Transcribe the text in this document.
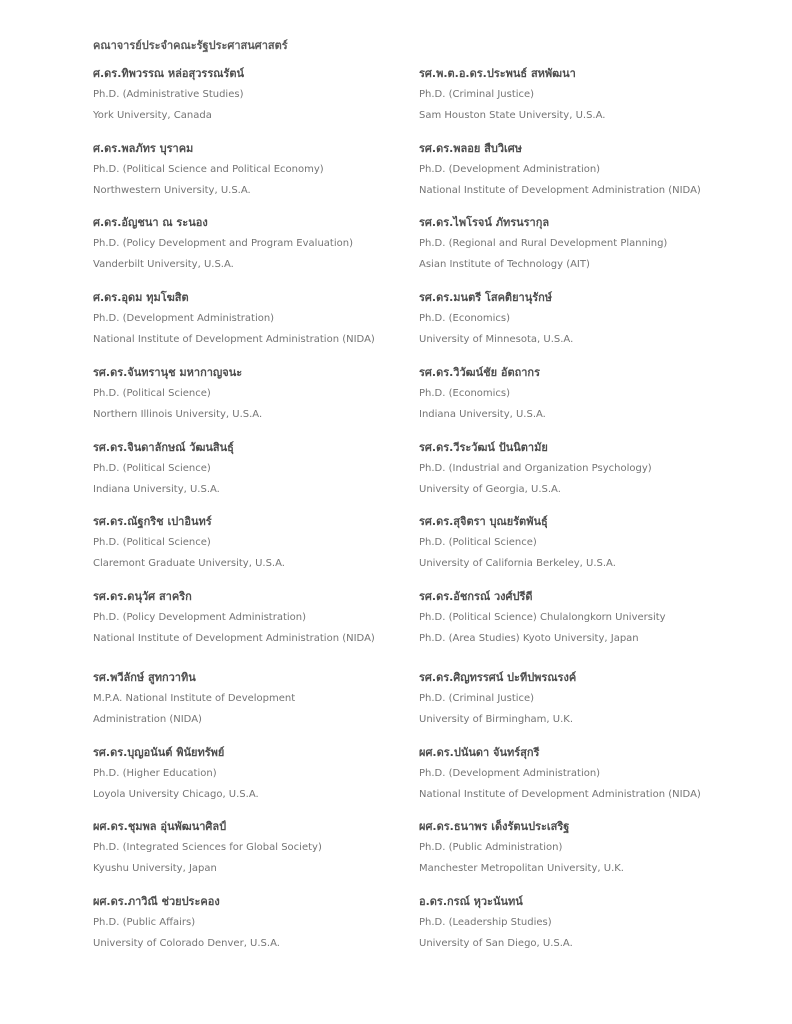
คณาจารย์ประจำคณะรัฐประศาสนศาสตร์
ศ.ดร.ทิพวรรณ หล่อสุวรรณรัตน์
Ph.D. (Administrative Studies)
York University, Canada
ศ.ดร.พลภัทร บุราคม
Ph.D. (Political Science and Political Economy)
Northwestern University, U.S.A.
ศ.ดร.อัญชนา ณ ระนอง
Ph.D. (Policy Development and Program Evaluation)
Vanderbilt University, U.S.A.
ศ.ดร.อุดม ทุมโฆสิต
Ph.D. (Development Administration)
National Institute of Development Administration (NIDA)
รศ.ดร.จันทรานุช มหากาญจนะ
Ph.D. (Political Science)
Northern Illinois University, U.S.A.
รศ.ดร.จินดาลักษณ์ วัฒนสินธุ์
Ph.D. (Political Science)
Indiana University, U.S.A.
รศ.ดร.ณัฐกริช เปาอินทร์
Ph.D. (Political Science)
Claremont Graduate University, U.S.A.
รศ.ดร.ดนุวัศ สาคริก
Ph.D. (Policy Development Administration)
National Institute of Development Administration (NIDA)
รศ.พวีลักษ์ สูทกวาทิน
M.P.A. National Institute of Development
Administration (NIDA)
รศ.ดร.บุญอนันต์ พินัยทรัพย์
Ph.D. (Higher Education)
Loyola University Chicago, U.S.A.
ผศ.ดร.ชุมพล อุ่นพัฒนาศิลป์
Ph.D. (Integrated Sciences for Global Society)
Kyushu University, Japan
ผศ.ดร.ภาวิณี ช่วยประคอง
Ph.D. (Public Affairs)
University of Colorado Denver, U.S.A.
รศ.พ.ต.อ.ดร.ประพนธ์ สหพัฒนา
Ph.D. (Criminal Justice)
Sam Houston State University, U.S.A.
รศ.ดร.พลอย สืบวิเศษ
Ph.D. (Development Administration)
National Institute of Development Administration (NIDA)
รศ.ดร.ไพโรจน์ ภัทรนรากุล
Ph.D. (Regional and Rural Development Planning)
Asian Institute of Technology (AIT)
รศ.ดร.มนตรี โสคติยานุรักษ์
Ph.D. (Economics)
University of Minnesota, U.S.A.
รศ.ดร.วิวัฒน์ชัย อัตถากร
Ph.D. (Economics)
Indiana University, U.S.A.
รศ.ดร.วีระวัฒน์ ปันนิตามัย
Ph.D. (Industrial and Organization Psychology)
University of Georgia, U.S.A.
รศ.ดร.สุจิตรา บุณยรัตพันธุ์
Ph.D. (Political Science)
University of California Berkeley, U.S.A.
รศ.ดร.อัชกรณ์ วงศ์ปรีดี
Ph.D. (Political Science) Chulalongkorn University
Ph.D. (Area Studies) Kyoto University, Japan
รศ.ดร.ศิญทรรศน์ ปะทีปพรณรงค์
Ph.D. (Criminal Justice)
University of Birmingham, U.K.
ผศ.ดร.ปนันดา จันทร์สุกรี
Ph.D. (Development Administration)
National Institute of Development Administration (NIDA)
ผศ.ดร.ธนาพร เด็งรัตนประเสริฐ
Ph.D. (Public Administration)
Manchester Metropolitan University, U.K.
อ.ดร.กรณ์ หุวะนันทน์
Ph.D. (Leadership Studies)
University of San Diego, U.S.A.
